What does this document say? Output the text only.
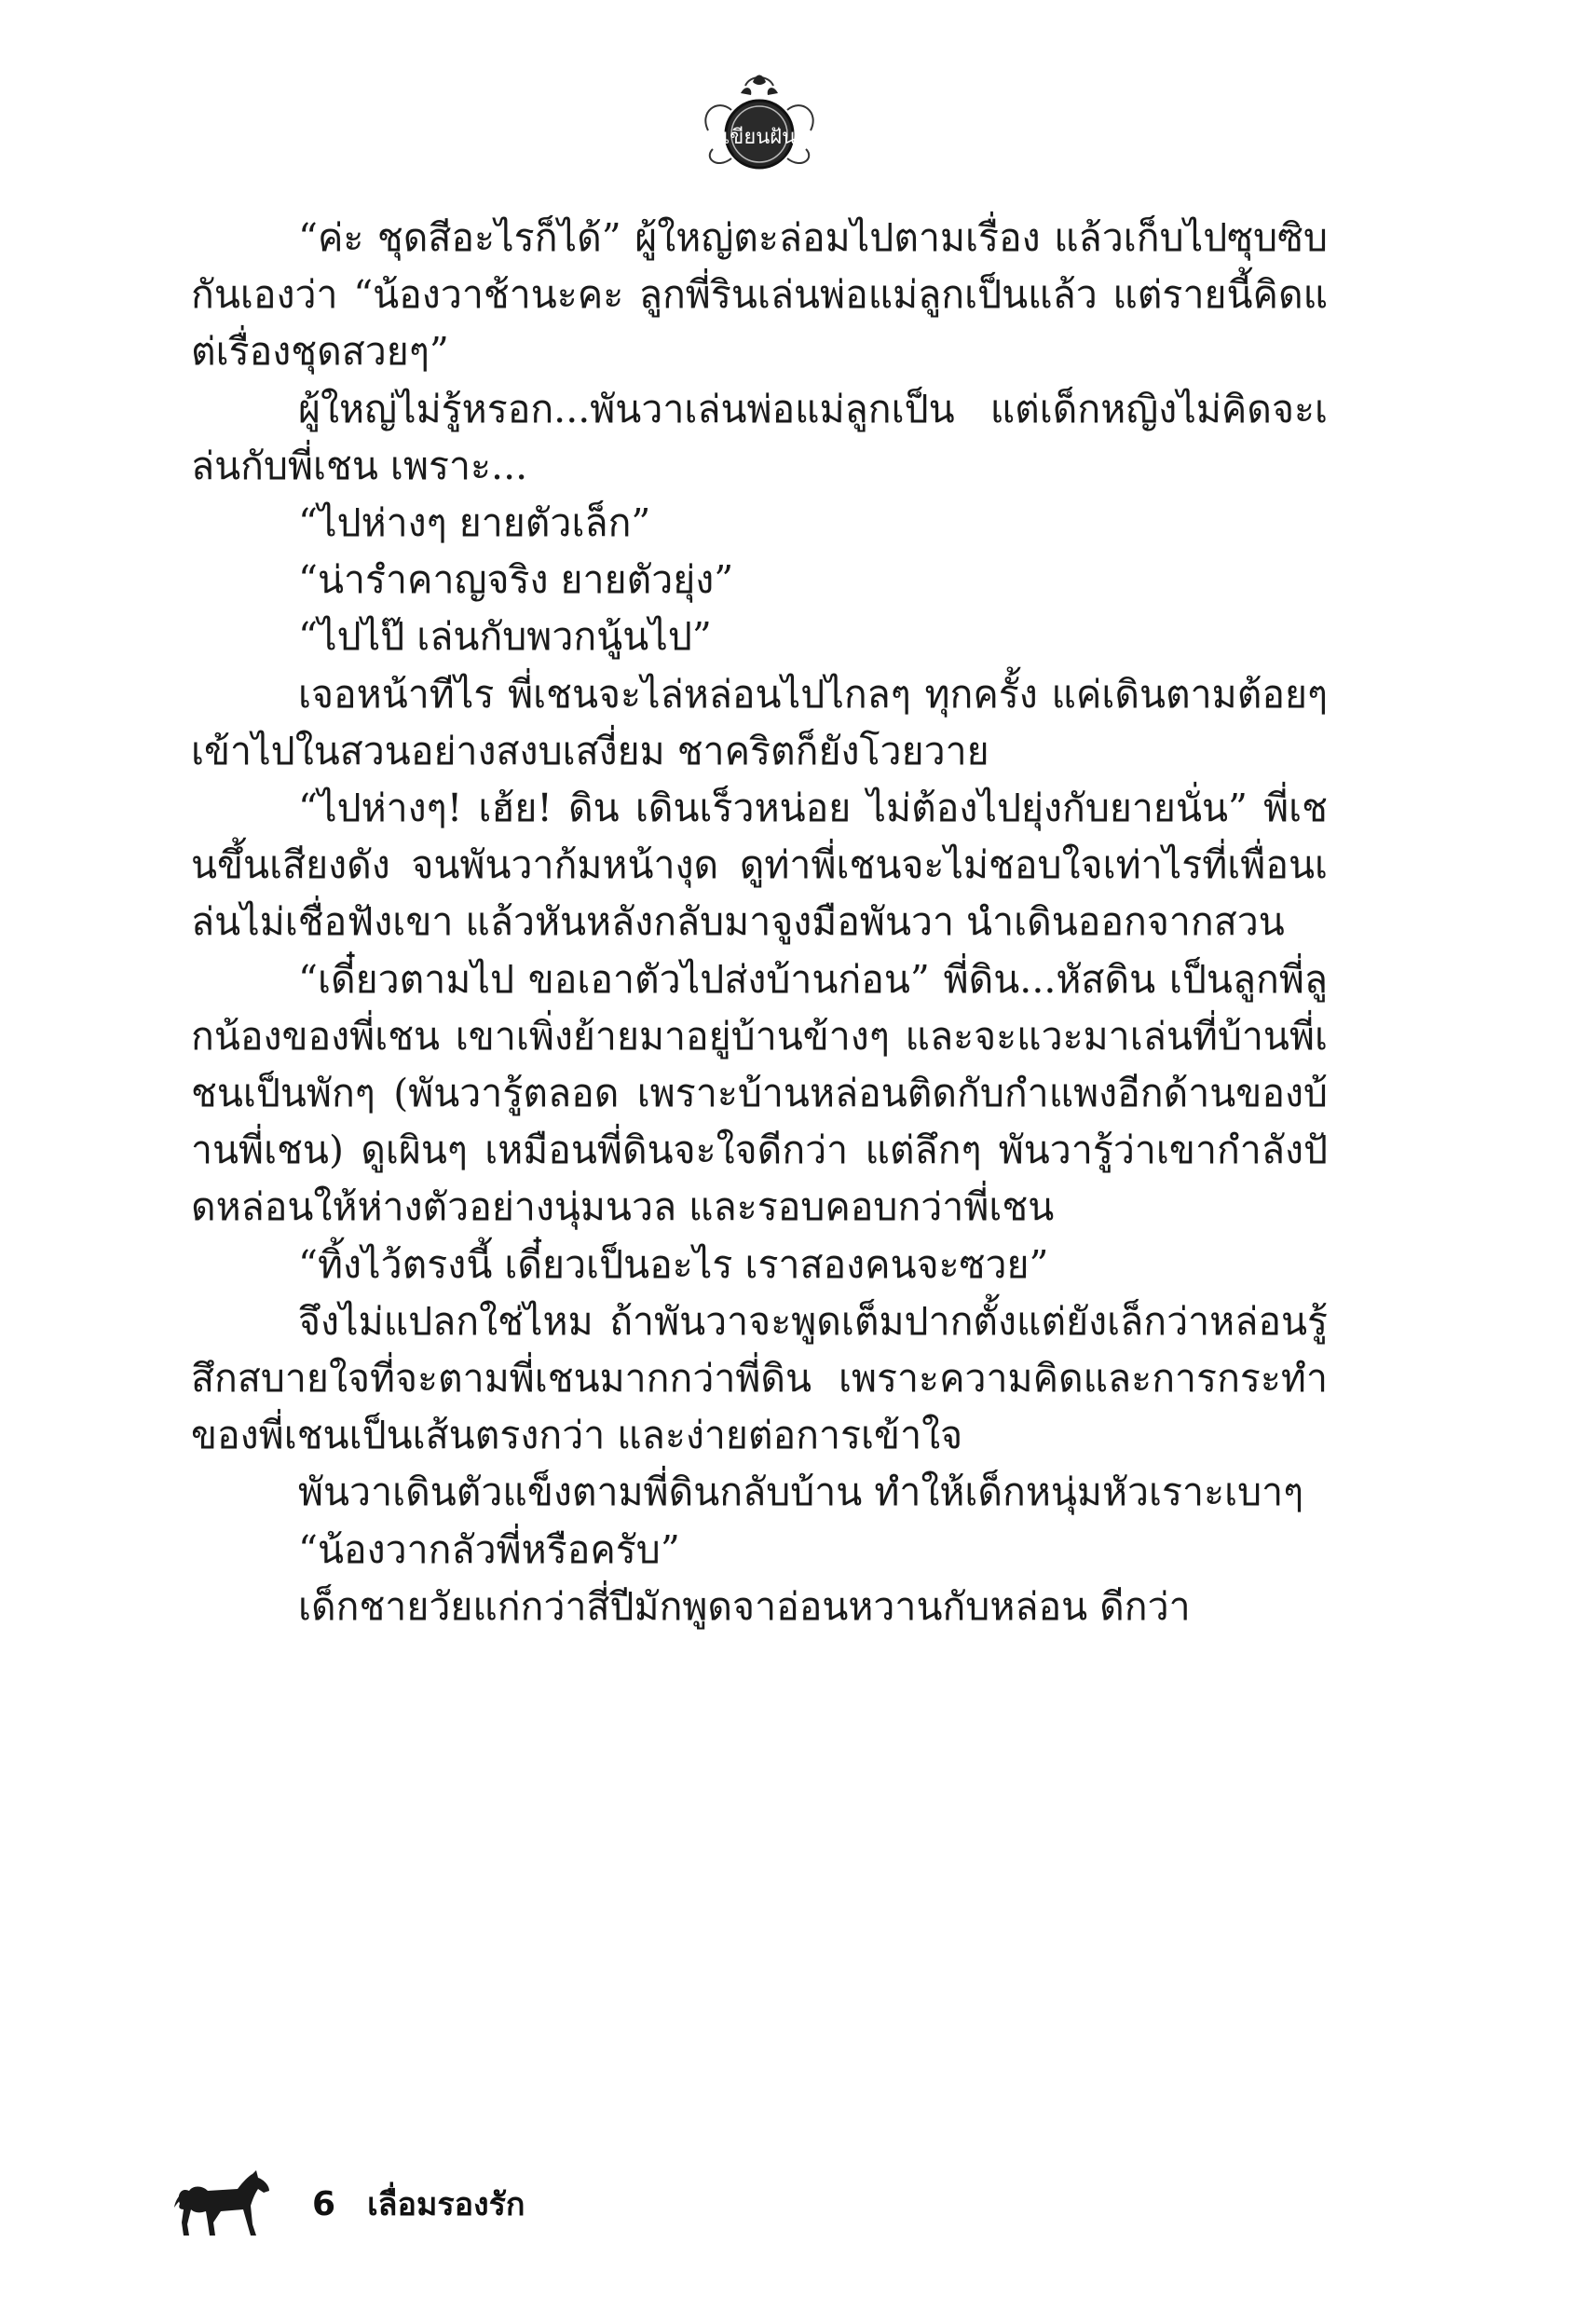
เขียนฝัน

“ค่ะ ชุดสีอะไรก็ได้” ผู้ใหญ่ตะล่อมไปตามเรื่อง แล้วเก็บไปซุบซิบกันเองว่า “น้องวาช้านะคะ ลูกพี่รินเล่นพ่อแม่ลูกเป็นแล้ว แต่รายนี้คิดแต่เรื่องชุดสวยๆ”

ผู้ใหญ่ไม่รู้หรอก...พันวาเล่นพ่อแม่ลูกเป็น แต่เด็กหญิงไม่คิดจะเล่นกับพี่เชน เพราะ...

“ไปห่างๆ ยายตัวเล็ก”

“น่ารำคาญจริง ยายตัวยุ่ง”

“ไปไป๊ เล่นกับพวกนู้นไป”

เจอหน้าทีไร พี่เชนจะไล่หล่อนไปไกลๆ ทุกครั้ง แค่เดินตามต้อยๆ เข้าไปในสวนอย่างสงบเสงี่ยม ชาคริตก็ยังโวยวาย

“ไปห่างๆ! เฮ้ย! ดิน เดินเร็วหน่อย ไม่ต้องไปยุ่งกับยายนั่น” พี่เชนขึ้นเสียงดัง จนพันวาก้มหน้างุด ดูท่าพี่เชนจะไม่ชอบใจเท่าไรที่เพื่อนเล่นไม่เชื่อฟังเขา แล้วหันหลังกลับมาจูงมือพันวา นำเดินออกจากสวน

“เดี๋ยวตามไป ขอเอาตัวไปส่งบ้านก่อน” พี่ดิน...หัสดิน เป็นลูกพี่ลูกน้องของพี่เชน เขาเพิ่งย้ายมาอยู่บ้านข้างๆ และจะแวะมาเล่นที่บ้านพี่เชนเป็นพักๆ (พันวารู้ตลอด เพราะบ้านหล่อนติดกับกำแพงอีกด้านของบ้านพี่เชน) ดูเผินๆ เหมือนพี่ดินจะใจดีกว่า แต่ลึกๆ พันวารู้ว่าเขากำลังปัดหล่อนให้ห่างตัวอย่างนุ่มนวล และรอบคอบกว่าพี่เชน

“ทิ้งไว้ตรงนี้ เดี๋ยวเป็นอะไร เราสองคนจะซวย”

จึงไม่แปลกใช่ไหม ถ้าพันวาจะพูดเต็มปากตั้งแต่ยังเล็กว่าหล่อนรู้สึกสบายใจที่จะตามพี่เชนมากกว่าพี่ดิน เพราะความคิดและการกระทำของพี่เชนเป็นเส้นตรงกว่า และง่ายต่อการเข้าใจ

พันวาเดินตัวแข็งตามพี่ดินกลับบ้าน ทำให้เด็กหนุ่มหัวเราะเบาๆ

“น้องวากลัวพี่หรือครับ”

เด็กชายวัยแก่กว่าสี่ปีมักพูดจาอ่อนหวานกับหล่อน ดีกว่า

6 เลื่อมรองรัก
